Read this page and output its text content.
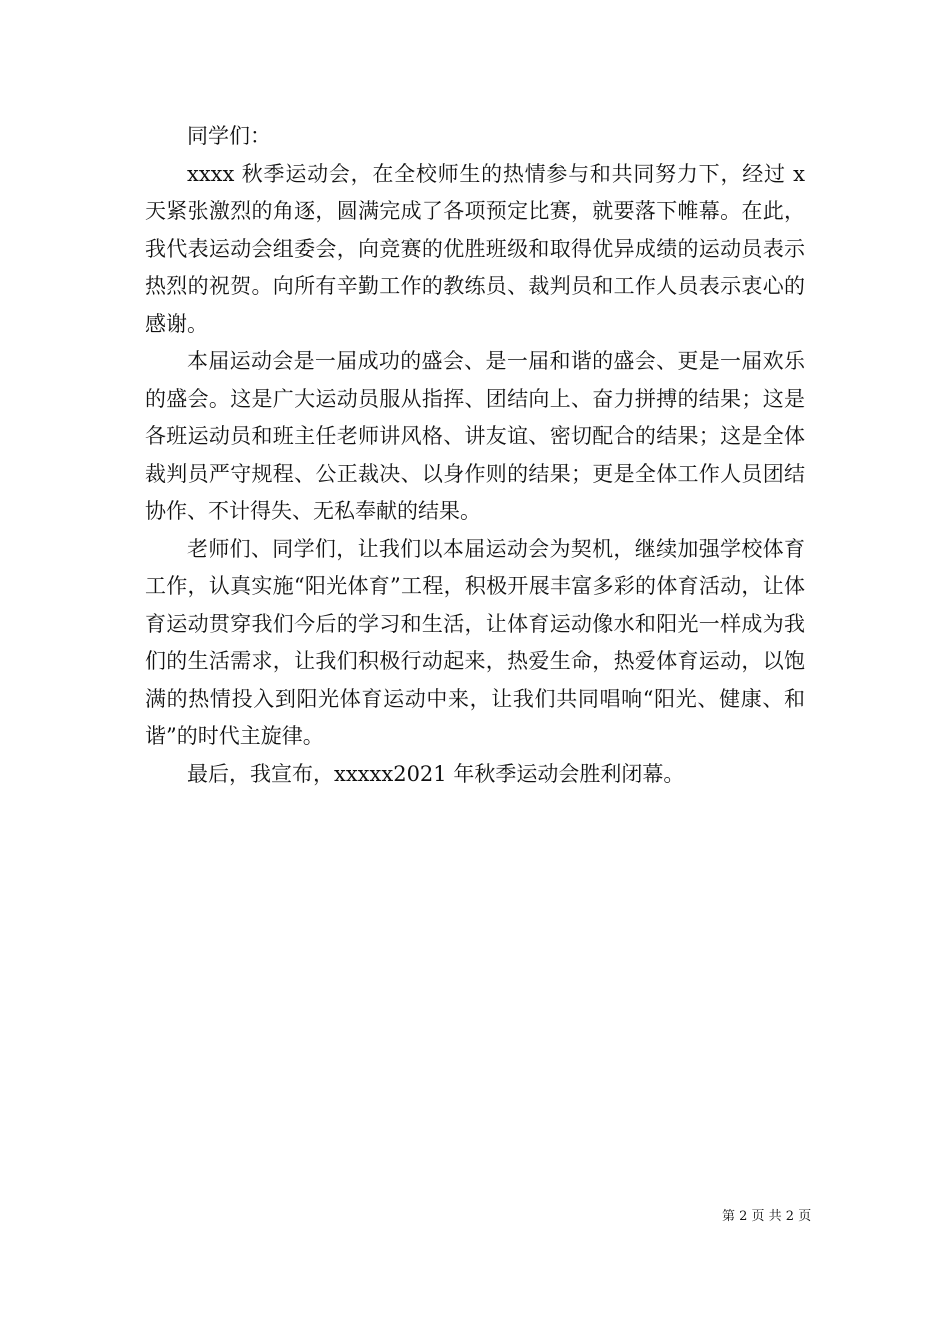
同学们：

xxxx 秋季运动会，在全校师生的热情参与和共同努力下，经过 x 天紧张激烈的角逐，圆满完成了各项预定比赛，就要落下帷幕。在此，我代表运动会组委会，向竞赛的优胜班级和取得优异成绩的运动员表示热烈的祝贺。向所有辛勤工作的教练员、裁判员和工作人员表示衷心的感谢。

本届运动会是一届成功的盛会、是一届和谐的盛会、更是一届欢乐的盛会。这是广大运动员服从指挥、团结向上、奋力拼搏的结果；这是各班运动员和班主任老师讲风格、讲友谊、密切配合的结果；这是全体裁判员严守规程、公正裁决、以身作则的结果；更是全体工作人员团结协作、不计得失、无私奉献的结果。

老师们、同学们，让我们以本届运动会为契机，继续加强学校体育工作，认真实施“阳光体育”工程，积极开展丰富多彩的体育活动，让体育运动贯穿我们今后的学习和生活，让体育运动像水和阳光一样成为我们的生活需求，让我们积极行动起来，热爱生命，热爱体育运动，以饱满的热情投入到阳光体育运动中来，让我们共同唱响“阳光、健康、和谐”的时代主旋律。

最后，我宣布，xxxxx2021 年秋季运动会胜利闭幕。

第 2 页 共 2 页
